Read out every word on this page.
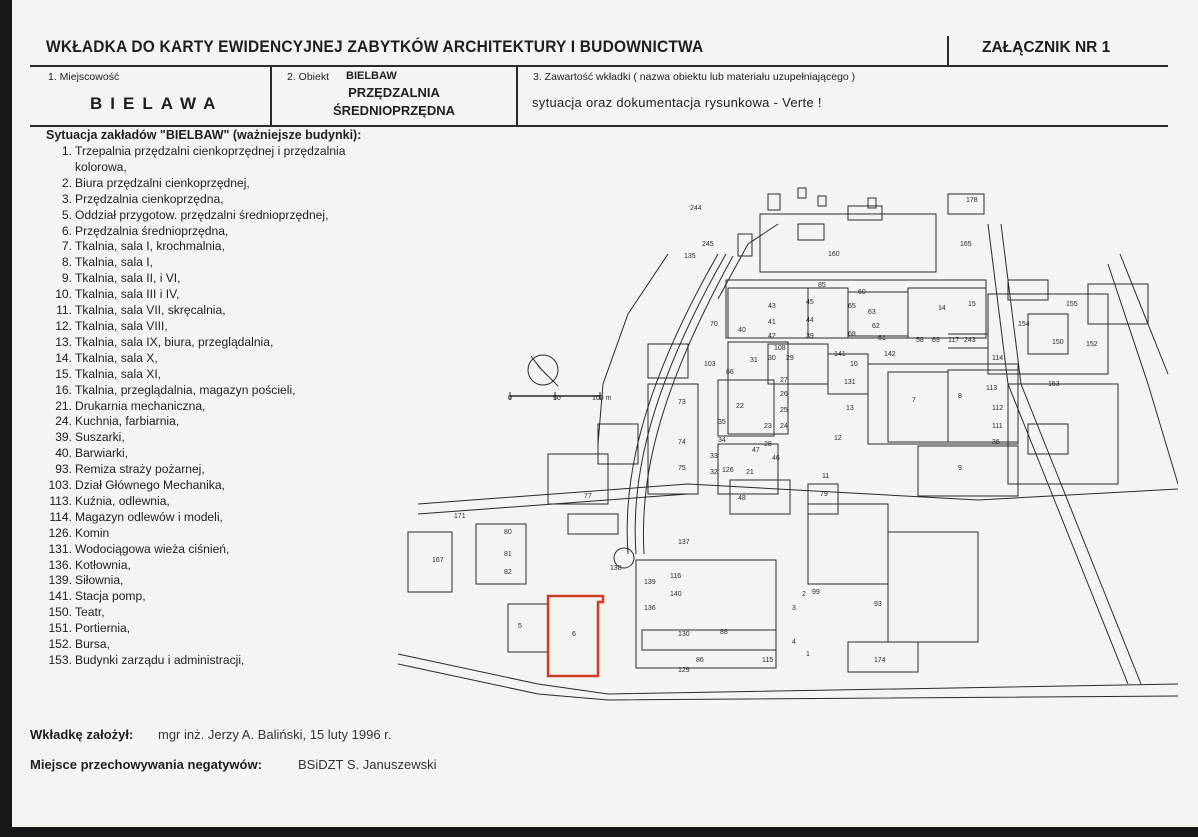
WKŁADKA DO KARTY EWIDENCYJNEJ ZABYTKÓW ARCHITEKTURY I BUDOWNICTWA	ZAŁĄCZNIK NR 1
1. Miejscowość
BIELAWA
2. Obiekt BIELBAW
PRZĘDZALNIA
ŚREDNIOPRZĘDNA
3. Zawartość wkładki ( nazwa obiektu lub materiału uzupełniającego )
sytuacja oraz dokumentacja rysunkowa - Verte !
Sytuacja zakładów "BIELBAW" (ważniejsze budynki):
1. Trzepalnia przędzalni cienkoprzędnej i przędzalnia
kolorowa,
2. Biura przędzalni cienkoprzędnej,
3. Przędzalnia cienkoprzędna,
5. Oddział przygotow. przędzalni średnioprzędnej,
6. Przędzalnia średnioprzędna,
7. Tkalnia, sala I, krochmalnia,
8. Tkalnia, sala I,
9. Tkalnia, sala II, i VI,
10. Tkalnia, sala III i IV,
11. Tkalnia, sala VII, skręcalnia,
12. Tkalnia, sala VIII,
13. Tkalnia, sala IX, biura, przeglądalnia,
14. Tkalnia, sala X,
15. Tkalnia, sala XI,
16. Tkalnia, przeglądalnia, magazyn pościeli,
21. Drukarnia mechaniczna,
24. Kuchnia, farbiarnia,
39. Suszarki,
40. Barwiarki,
93. Remiza straży pożarnej,
103. Dział Głównego Mechanika,
113. Kuźnia, odlewnia,
114. Magazyn odlewów i modeli,
126. Komin
131. Wodociągowa wieża ciśnień,
136. Kotłownia,
139. Siłownia,
141. Stacja pomp,
150. Teatr,
151. Portiernia,
152. Bursa,
153. Budynki zarządu i administracji,
0	50	100 m
160
85
60
43
41
42
45
44
39
65
68
63
62
61
14
15
70
40
22
73
74
75
77
21
47
46
48
79
7
8
9
11
12
13
10
3
4
5
6
1
2
115	174
178
165
167
80
81
82
93
99
138
139
136
150
153
154
155
152
114
113
112
111
36
35
34
33
32
27
26
25
24
23
28
126
131
141	142
108
103
66
58 69 117 243
244
245
135
171
116
88
86
129
130
140
137
31 30 29
Wkładkę założył: mgr inż. Jerzy A. Baliński, 15 luty 1996 r.
Miejsce przechowywania negatywów:	BSiDZT S. Januszewski
